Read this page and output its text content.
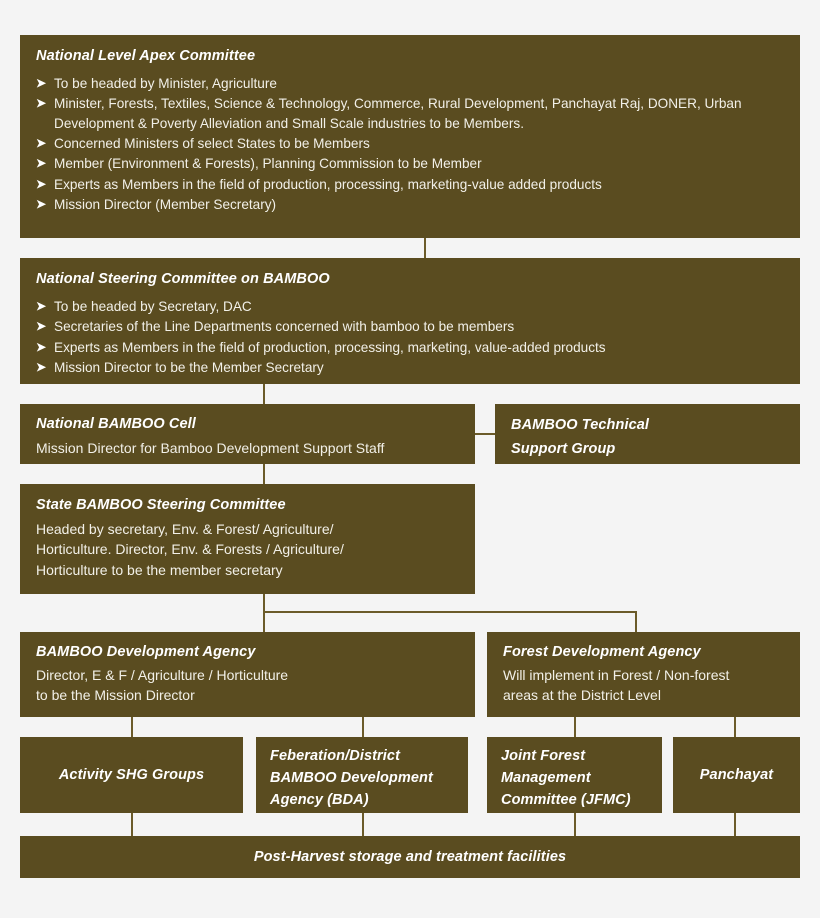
National Level Apex Committee
➤ To be headed by Minister, Agriculture
➤ Minister, Forests, Textiles, Science & Technology, Commerce, Rural Development, Panchayat Raj, DONER, Urban Development & Poverty Alleviation and Small Scale industries to be Members.
➤ Concerned Ministers of select States to be Members
➤ Member (Environment & Forests), Planning Commission to be Member
➤ Experts as Members in the field of production, processing, marketing-value added products
➤ Mission Director (Member Secretary)
National Steering Committee on BAMBOO
➤ To be headed by Secretary, DAC
➤ Secretaries of the Line Departments concerned with bamboo to be members
➤ Experts as Members in the field of production, processing, marketing, value-added products
➤ Mission Director to be the Member Secretary
National BAMBOO Cell
Mission Director for Bamboo Development Support Staff
BAMBOO Technical
Support Group
State BAMBOO Steering Committee
Headed by secretary, Env. & Forest/ Agriculture/
Horticulture. Director, Env. & Forests / Agriculture/
Horticulture to be the member secretary
BAMBOO Development Agency
Director, E & F / Agriculture / Horticulture
to be the Mission Director
Forest Development Agency
Will implement in Forest / Non-forest
areas at the District Level
Activity SHG Groups
Feberation/District
BAMBOO Development
Agency (BDA)
Joint Forest
Management
Committee (JFMC)
Panchayat
Post-Harvest storage and treatment facilities
